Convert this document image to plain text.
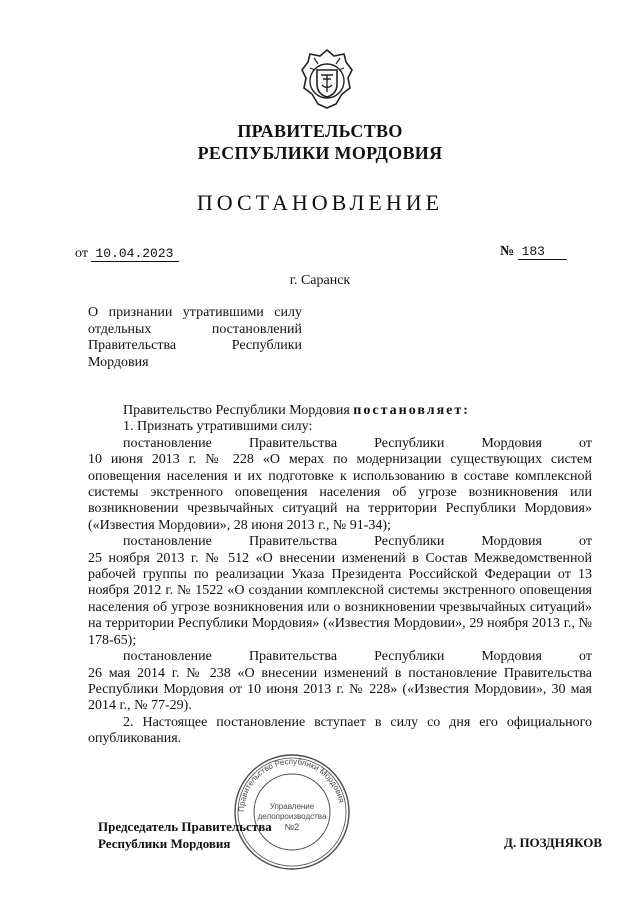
ПРАВИТЕЛЬСТВО
РЕСПУБЛИКИ МОРДОВИЯ
ПОСТАНОВЛЕНИЕ
от 10.04.2023	№ 183
г. Саранск
О признании утратившими силу отдельных постановлений Правительства Республики Мордовия

Правительство Республики Мордовия постановляет:

1. Признать утратившими силу:

постановление Правительства Республики Мордовия от

10 июня 2013 г. № 228 «О мерах по модернизации существующих систем оповещения населения и их подготовке к использованию в составе комплексной системы экстренного оповещения населения об угрозе возникновения или возникновении чрезвычайных ситуаций на территории Республики Мордовия» («Известия Мордовии», 28 июня 2013 г., № 91-34);

постановление Правительства Республики Мордовия от

25 ноября 2013 г. № 512 «О внесении изменений в Состав Межведомственной рабочей группы по реализации Указа Президента Российской Федерации от 13 ноября 2012 г. № 1522 «О создании комплексной системы экстренного оповещения населения об угрозе возникновения или о возникновении чрезвычайных ситуаций» на территории Республики Мордовия» («Известия Мордовии», 29 ноября 2013 г., № 178-65);

постановление Правительства Республики Мордовия от

26 мая 2014 г. № 238 «О внесении изменений в постановление Правительства Республики Мордовия от 10 июня 2013 г. № 228» («Известия Мордовии», 30 мая 2014 г., № 77-29).

2. Настоящее постановление вступает в силу со дня его официального опубликования.

Правительство Республики Мордовия
Управление
делопроизводства
№2
Председатель Правительства
Республики Мордовия	Д. ПОЗДНЯКОВ
